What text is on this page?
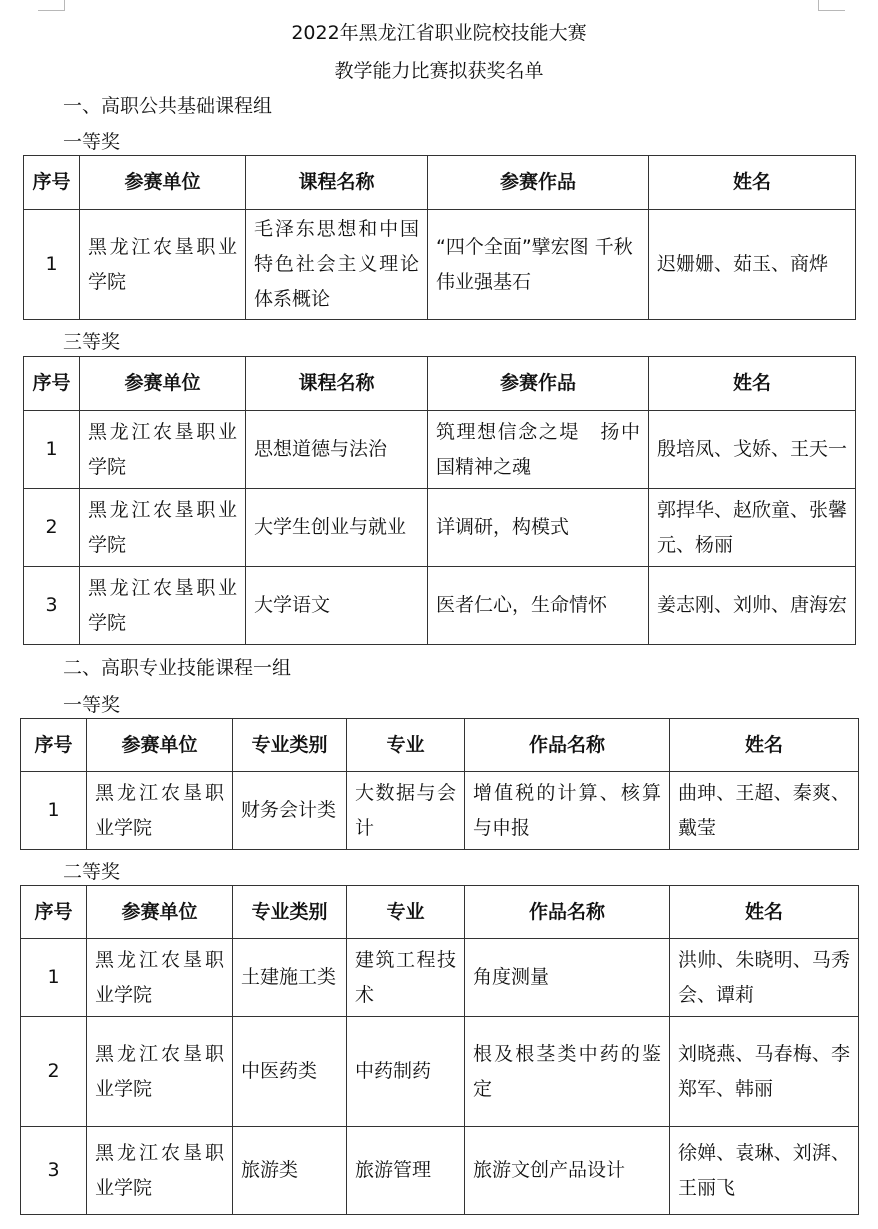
2022年黑龙江省职业院校技能大赛
教学能力比赛拟获奖名单
一、高职公共基础课程组
一等奖
序号	参赛单位	课程名称	参赛作品	姓名
1	黑龙江农垦职业学院	毛泽东思想和中国特色社会主义理论体系概论	“四个全面”擘宏图 千秋伟业强基石	迟姗姗、茹玉、商烨
三等奖
序号	参赛单位	课程名称	参赛作品	姓名
1	黑龙江农垦职业学院	思想道德与法治	筑理想信念之堤　扬中国精神之魂	殷培凤、戈娇、王天一
2	黑龙江农垦职业学院	大学生创业与就业	详调研，构模式	郭捍华、赵欣童、张馨元、杨丽
3	黑龙江农垦职业学院	大学语文	医者仁心，生命情怀	姜志刚、刘帅、唐海宏
二、高职专业技能课程一组
一等奖
序号	参赛单位	专业类别	专业	作品名称	姓名
1	黑龙江农垦职业学院	财务会计类	大数据与会计	增值税的计算、核算与申报	曲珅、王超、秦爽、戴莹
二等奖
序号	参赛单位	专业类别	专业	作品名称	姓名
1	黑龙江农垦职业学院	土建施工类	建筑工程技术	角度测量	洪帅、朱晓明、马秀会、谭莉
2	黑龙江农垦职业学院	中医药类	中药制药	根及根茎类中药的鉴定	刘晓燕、马春梅、李郑军、韩丽
3	黑龙江农垦职业学院	旅游类	旅游管理	旅游文创产品设计	徐婵、袁琳、刘湃、王丽飞
